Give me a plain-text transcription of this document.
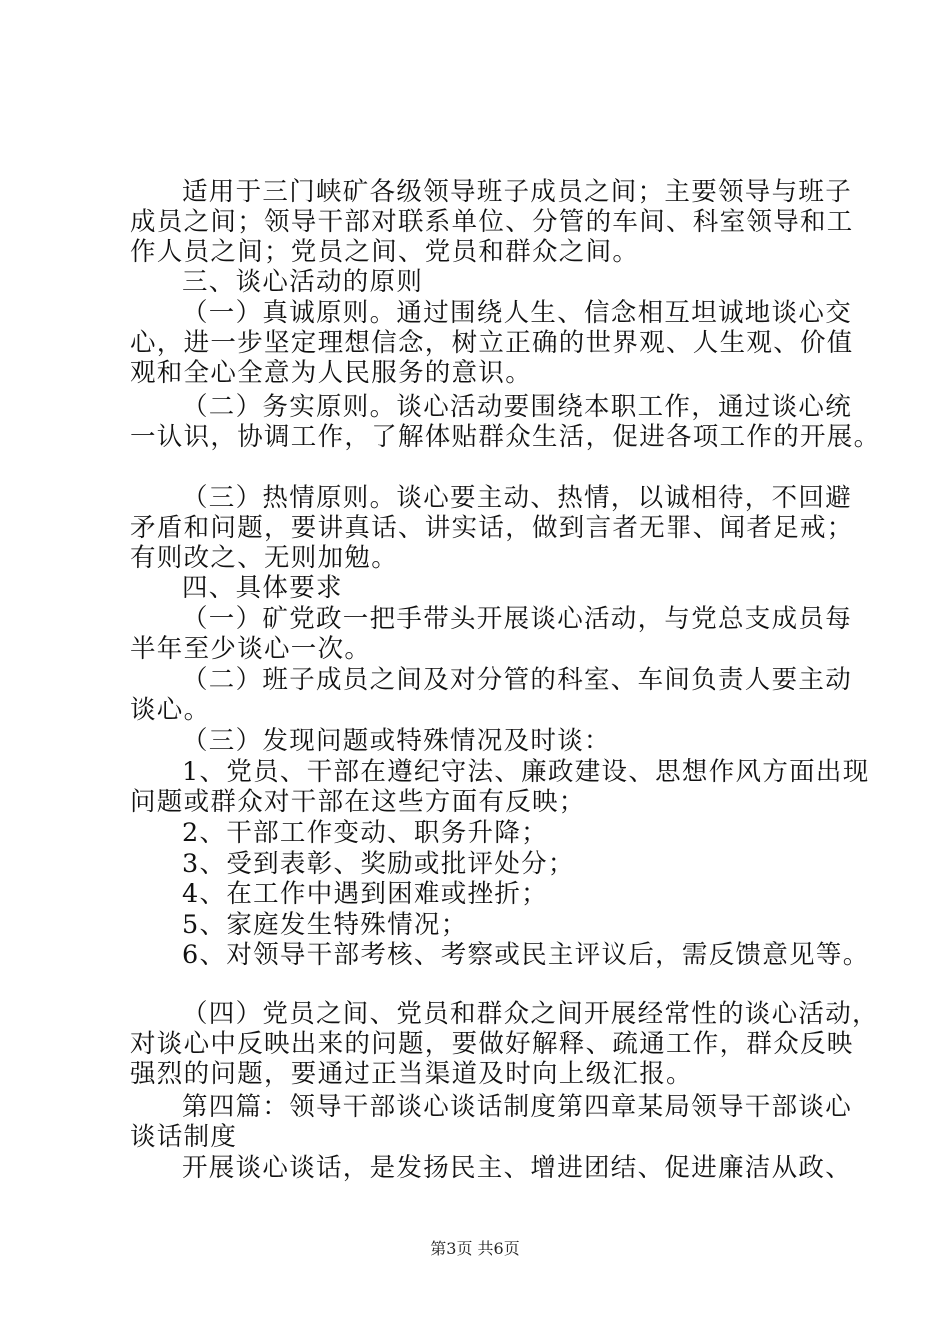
适用于三门峡矿各级领导班子成员之间；主要领导与班子
成员之间；领导干部对联系单位、分管的车间、科室领导和工
作人员之间；党员之间、党员和群众之间。
三、谈心活动的原则
（一）真诚原则。通过围绕人生、信念相互坦诚地谈心交
心，进一步坚定理想信念，树立正确的世界观、人生观、价值
观和全心全意为人民服务的意识。
（二）务实原则。谈心活动要围绕本职工作，通过谈心统
一认识，协调工作，了解体贴群众生活，促进各项工作的开展。
（三）热情原则。谈心要主动、热情，以诚相待，不回避
矛盾和问题，要讲真话、讲实话，做到言者无罪、闻者足戒；
有则改之、无则加勉。
四、具体要求
（一）矿党政一把手带头开展谈心活动，与党总支成员每
半年至少谈心一次。
（二）班子成员之间及对分管的科室、车间负责人要主动
谈心。
（三）发现问题或特殊情况及时谈：
1、党员、干部在遵纪守法、廉政建设、思想作风方面出现
问题或群众对干部在这些方面有反映；
2、干部工作变动、职务升降；
3、受到表彰、奖励或批评处分；
4、在工作中遇到困难或挫折；
5、家庭发生特殊情况；
6、对领导干部考核、考察或民主评议后，需反馈意见等。
（四）党员之间、党员和群众之间开展经常性的谈心活动，
对谈心中反映出来的问题，要做好解释、疏通工作，群众反映
强烈的问题，要通过正当渠道及时向上级汇报。
第四篇：领导干部谈心谈话制度第四章某局领导干部谈心
谈话制度
开展谈心谈话，是发扬民主、增进团结、促进廉洁从政、
第3页 共6页
